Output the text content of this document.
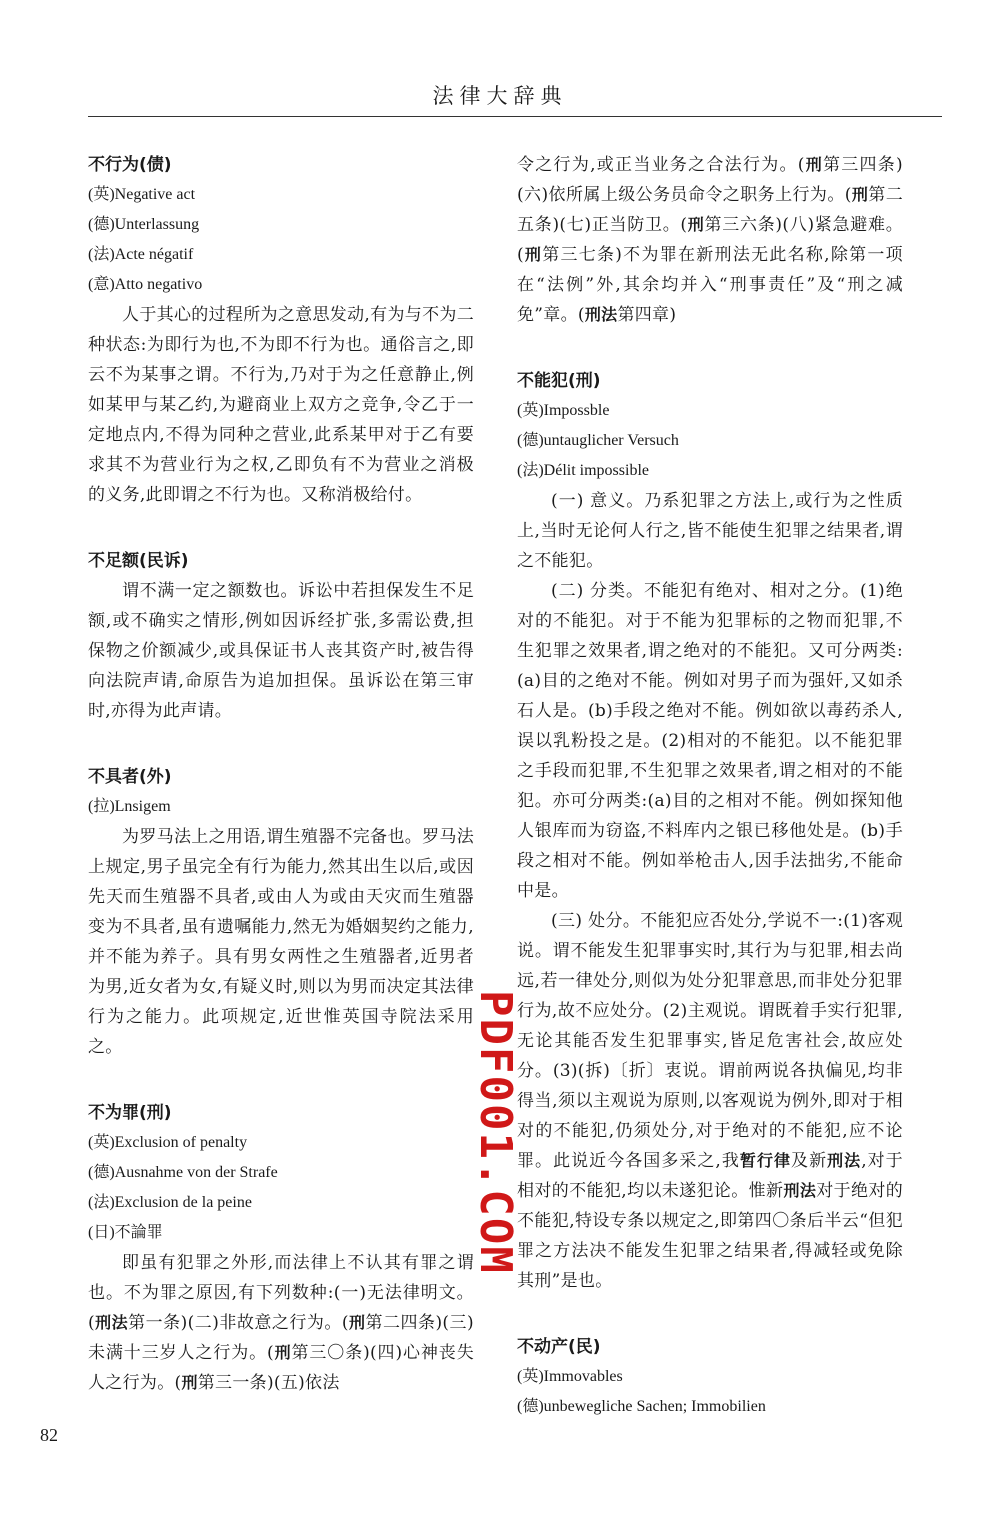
法律大辞典

不行为(债)

(英)Negative act

(德)Unterlassung

(法)Acte négatif

(意)Atto negativo

人于其心的过程所为之意思发动,有为与不为二种状态:为即行为也,不为即不行为也。通俗言之,即云不为某事之谓。不行为,乃对于为之任意静止,例如某甲与某乙约,为避商业上双方之竞争,令乙于一定地点内,不得为同种之营业,此系某甲对于乙有要求其不为营业行为之权,乙即负有不为营业之消极的义务,此即谓之不行为也。又称消极给付。

不足额(民诉)

谓不满一定之额数也。诉讼中若担保发生不足额,或不确实之情形,例如因诉经扩张,多需讼费,担保物之价额减少,或具保证书人丧其资产时,被告得向法院声请,命原告为追加担保。虽诉讼在第三审时,亦得为此声请。

不具者(外)

(拉)Lnsigem

为罗马法上之用语,谓生殖器不完备也。罗马法上规定,男子虽完全有行为能力,然其出生以后,或因先天而生殖器不具者,或由人为或由天灾而生殖器变为不具者,虽有遗嘱能力,然无为婚姻契约之能力,并不能为养子。具有男女两性之生殖器者,近男者为男,近女者为女,有疑义时,则以为男而决定其法律行为之能力。此项规定,近世惟英国寺院法采用之。

不为罪(刑)

(英)Exclusion of penalty

(德)Ausnahme von der Strafe

(法)Exclusion de la peine

(日)不論罪

即虽有犯罪之外形,而法律上不认其有罪之谓也。不为罪之原因,有下列数种:(一)无法律明文。(刑法第一条)(二)非故意之行为。(刑第二四条)(三)未满十三岁人之行为。(刑第三〇条)(四)心神丧失人之行为。(刑第三一条)(五)依法

令之行为,或正当业务之合法行为。(刑第三四条)(六)依所属上级公务员命令之职务上行为。(刑第二五条)(七)正当防卫。(刑第三六条)(八)紧急避难。(刑第三七条)不为罪在新刑法无此名称,除第一项在“法例”外,其余均并入“刑事责任”及“刑之减免”章。(刑法第四章)

不能犯(刑)

(英)Impossble

(德)untauglicher Versuch

(法)Délit impossible

(一) 意义。乃系犯罪之方法上,或行为之性质上,当时无论何人行之,皆不能使生犯罪之结果者,谓之不能犯。

(二) 分类。不能犯有绝对、相对之分。(1)绝对的不能犯。对于不能为犯罪标的之物而犯罪,不生犯罪之效果者,谓之绝对的不能犯。又可分两类:(a)目的之绝对不能。例如对男子而为强奸,又如杀石人是。(b)手段之绝对不能。例如欲以毒药杀人,误以乳粉投之是。(2)相对的不能犯。以不能犯罪之手段而犯罪,不生犯罪之效果者,谓之相对的不能犯。亦可分两类:(a)目的之相对不能。例如探知他人银库而为窃盗,不料库内之银已移他处是。(b)手段之相对不能。例如举枪击人,因手法拙劣,不能命中是。

(三) 处分。不能犯应否处分,学说不一:(1)客观说。谓不能发生犯罪事实时,其行为与犯罪,相去尚远,若一律处分,则似为处分犯罪意思,而非处分犯罪行为,故不应处分。(2)主观说。谓既着手实行犯罪,无论其能否发生犯罪事实,皆足危害社会,故应处分。(3)(拆)〔折〕衷说。谓前两说各执偏见,均非得当,须以主观说为原则,以客观说为例外,即对于相对的不能犯,仍须处分,对于绝对的不能犯,应不论罪。此说近今各国多采之,我暂行律及新刑法,对于相对的不能犯,均以未遂犯论。惟新刑法对于绝对的不能犯,特设专条以规定之,即第四〇条后半云“但犯罪之方法决不能发生犯罪之结果者,得减轻或免除其刑”是也。

不动产(民)

(英)Immovables

(德)unbewegliche Sachen; Immobilien

PDF001.COM
82
